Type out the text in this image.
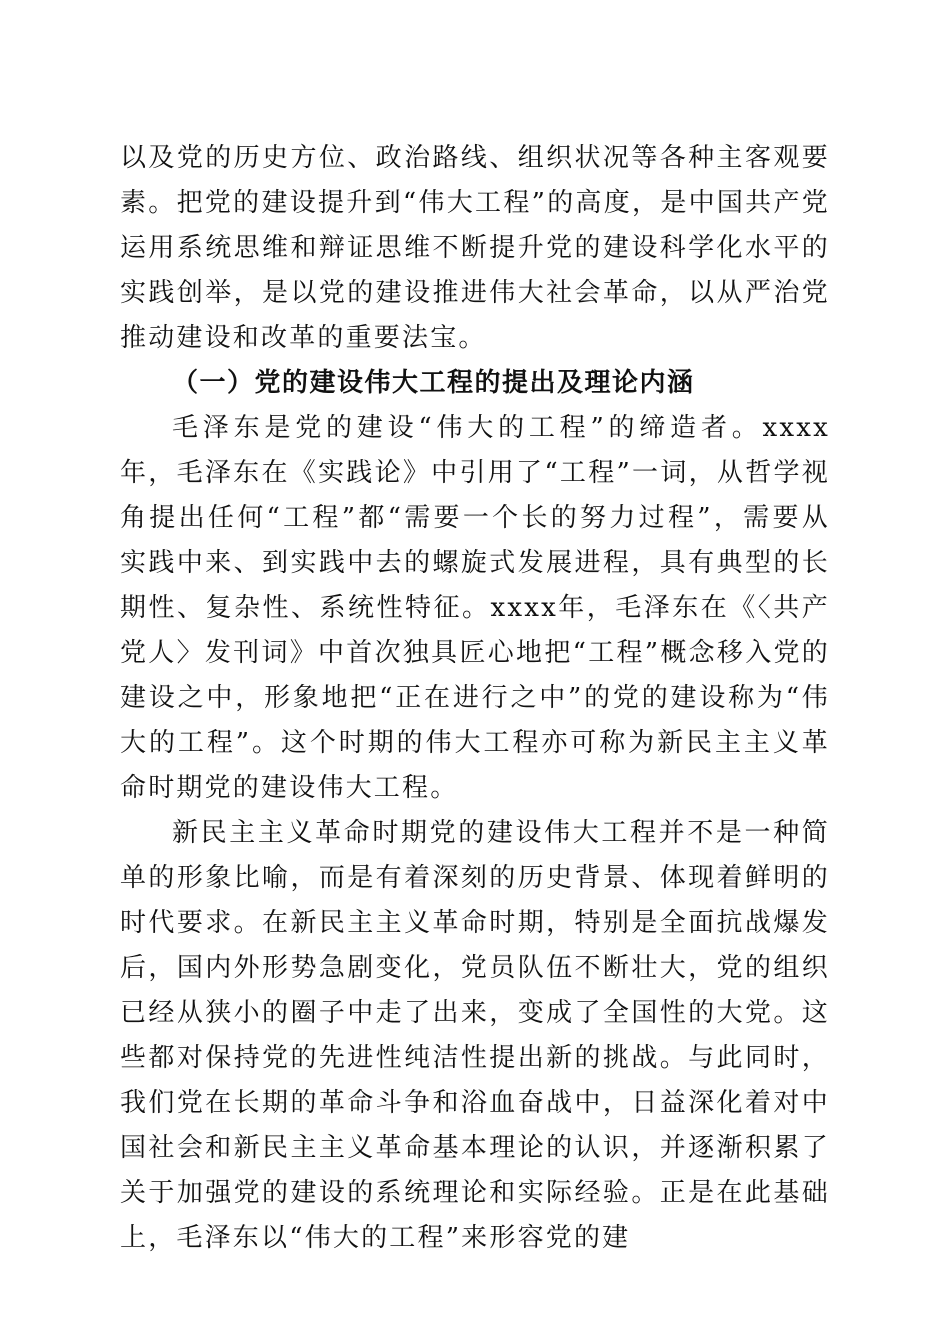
以及党的历史方位、政治路线、组织状况等各种主客观要素。把党的建设提升到“伟大工程”的高度，是中国共产党运用系统思维和辩证思维不断提升党的建设科学化水平的实践创举，是以党的建设推进伟大社会革命，以从严治党推动建设和改革的重要法宝。

（一）党的建设伟大工程的提出及理论内涵

毛泽东是党的建设“伟大的工程”的缔造者。xxxx年，毛泽东在《实践论》中引用了“工程”一词，从哲学视角提出任何“工程”都“需要一个长的努力过程”，需要从实践中来、到实践中去的螺旋式发展进程，具有典型的长期性、复杂性、系统性特征。xxxx年，毛泽东在《〈共产党人〉发刊词》中首次独具匠心地把“工程”概念移入党的建设之中，形象地把“正在进行之中”的党的建设称为“伟大的工程”。这个时期的伟大工程亦可称为新民主主义革命时期党的建设伟大工程。

新民主主义革命时期党的建设伟大工程并不是一种简单的形象比喻，而是有着深刻的历史背景、体现着鲜明的时代要求。在新民主主义革命时期，特别是全面抗战爆发后，国内外形势急剧变化，党员队伍不断壮大，党的组织已经从狭小的圈子中走了出来，变成了全国性的大党。这些都对保持党的先进性纯洁性提出新的挑战。与此同时，我们党在长期的革命斗争和浴血奋战中，日益深化着对中国社会和新民主主义革命基本理论的认识，并逐渐积累了关于加强党的建设的系统理论和实际经验。正是在此基础上，毛泽东以“伟大的工程”来形容党的建
